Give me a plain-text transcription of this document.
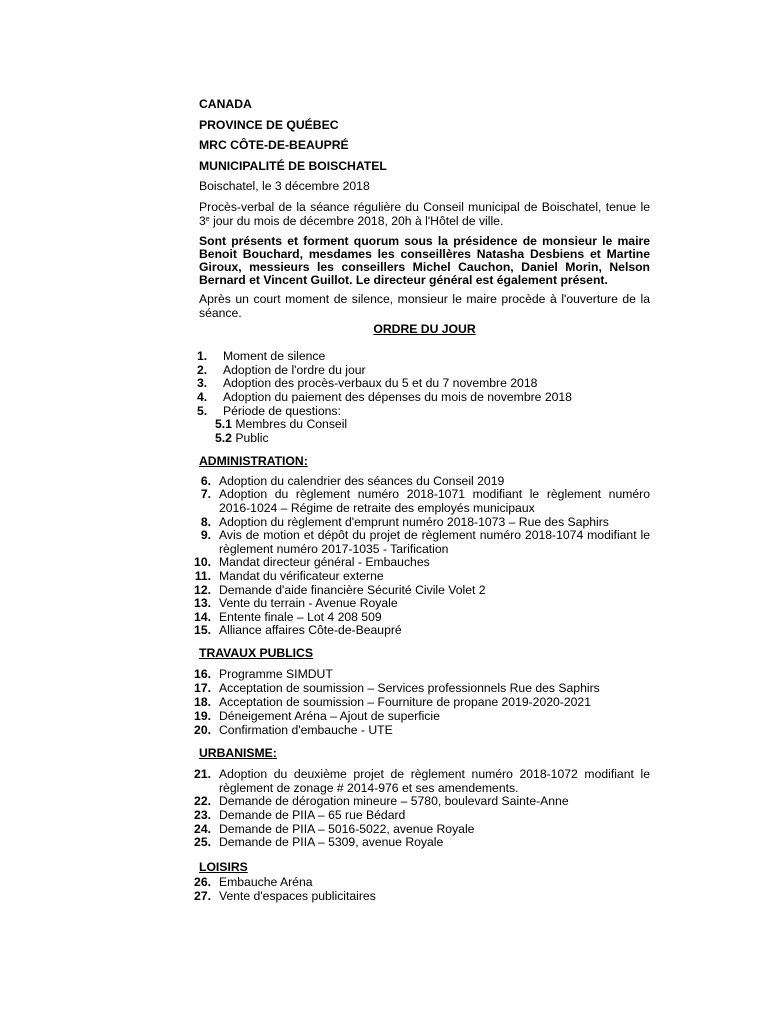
CANADA
PROVINCE DE QUÉBEC
MRC CÔTE-DE-BEAUPRÉ
MUNICIPALITÉ DE BOISCHATEL
Boischatel, le 3 décembre 2018
Procès-verbal de la séance régulière du Conseil municipal de Boischatel, tenue le 3e jour du mois de décembre 2018, 20h à l'Hôtel de ville.
Sont présents et forment quorum sous la présidence de monsieur le maire Benoit Bouchard, mesdames les conseillères Natasha Desbiens et Martine Giroux, messieurs les conseillers Michel Cauchon, Daniel Morin, Nelson Bernard et Vincent Guillot. Le directeur général est également présent.
Après un court moment de silence, monsieur le maire procède à l'ouverture de la séance.
ORDRE DU JOUR
1.	Moment de silence
2.	Adoption de l'ordre du jour
3.	Adoption des procès-verbaux du 5 et du 7 novembre 2018
4.	Adoption du paiement des dépenses du mois de novembre 2018
5.	Période de questions:
5.1 Membres du Conseil
5.2 Public
ADMINISTRATION:
6. Adoption du calendrier des séances du Conseil 2019
7. Adoption du règlement numéro 2018-1071 modifiant le règlement numéro 2016-1024 – Régime de retraite des employés municipaux
8. Adoption du règlement d'emprunt numéro 2018-1073 – Rue des Saphirs
9. Avis de motion et dépôt du projet de règlement numéro 2018-1074 modifiant le règlement numéro 2017-1035 - Tarification
10. Mandat directeur général - Embauches
11. Mandat du vérificateur externe
12. Demande d'aide financière Sécurité Civile Volet 2
13. Vente du terrain - Avenue Royale
14. Entente finale – Lot 4 208 509
15. Alliance affaires Côte-de-Beaupré
TRAVAUX PUBLICS
16. Programme SIMDUT
17. Acceptation de soumission – Services professionnels Rue des Saphirs
18. Acceptation de soumission – Fourniture de propane 2019-2020-2021
19. Déneigement Aréna – Ajout de superficie
20. Confirmation d'embauche - UTE
URBANISME:
21. Adoption du deuxième projet de règlement numéro 2018-1072 modifiant le règlement de zonage # 2014-976 et ses amendements.
22. Demande de dérogation mineure – 5780, boulevard Sainte-Anne
23. Demande de PIIA – 65 rue Bédard
24. Demande de PIIA – 5016-5022, avenue Royale
25. Demande de PIIA – 5309, avenue Royale
LOISIRS
26. Embauche Aréna
27. Vente d'espaces publicitaires
